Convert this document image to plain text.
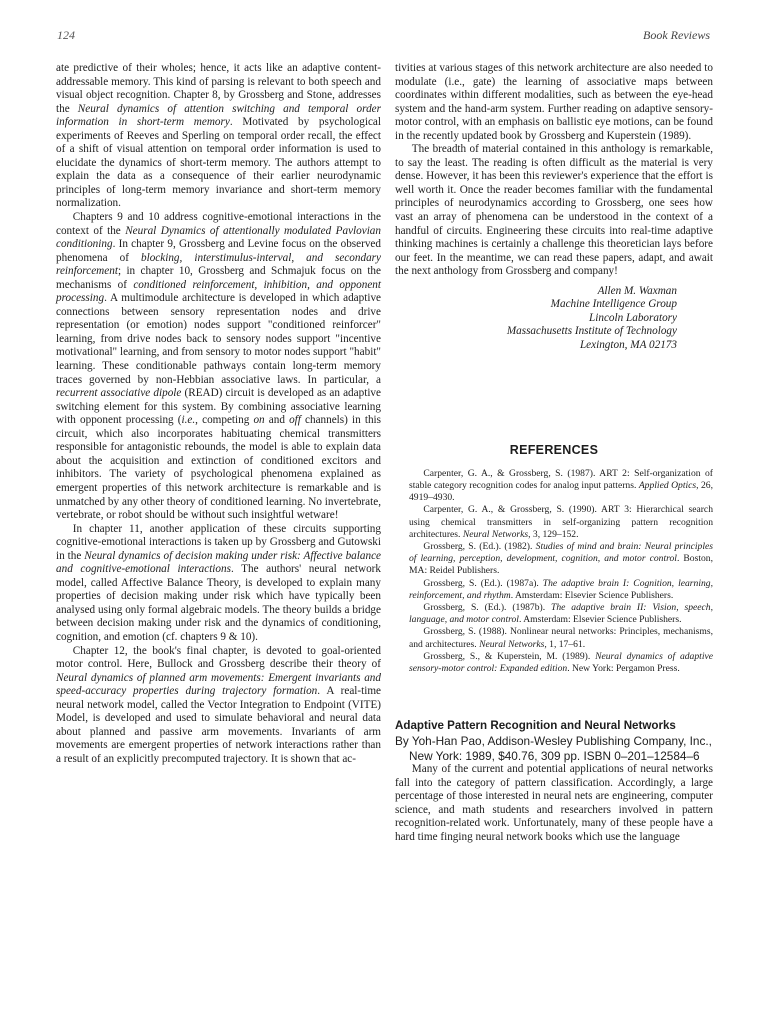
124	Book Reviews

ate predictive of their wholes; hence, it acts like an adaptive content-addressable memory. This kind of parsing is relevant to both speech and visual object recognition. Chapter 8, by Grossberg and Stone, addresses the Neural dynamics of attention switching and temporal order information in short-term memory. Motivated by psychological experiments of Reeves and Sperling on temporal order recall, the effect of a shift of visual attention on temporal order information is used to elucidate the dynamics of short-term memory. The authors attempt to explain the data as a consequence of their earlier neurodynamic principles of long-term memory invariance and short-term memory normalization.

Chapters 9 and 10 address cognitive-emotional interactions in the context of the Neural Dynamics of attentionally modulated Pavlovian conditioning. In chapter 9, Grossberg and Levine focus on the observed phenomena of blocking, interstimulus-interval, and secondary reinforcement; in chapter 10, Grossberg and Schmajuk focus on the mechanisms of conditioned reinforcement, inhibition, and opponent processing. A multimodule architecture is developed in which adaptive connections between sensory representation nodes and drive representation (or emotion) nodes support "conditioned reinforcer" learning, from drive nodes back to sensory nodes support "incentive motivational" learning, and from sensory to motor nodes support "habit" learning. These conditionable pathways contain long-term memory traces governed by non-Hebbian associative laws. In particular, a recurrent associative dipole (READ) circuit is developed as an adaptive switching element for this system. By combining associative learning with opponent processing (i.e., competing on and off channels) in this circuit, which also incorporates habituating chemical transmitters responsible for antagonistic rebounds, the model is able to explain data about the acquisition and extinction of conditioned excitors and inhibitors. The variety of psychological phenomena explained as emergent properties of this network architecture is remarkable and is unmatched by any other theory of conditioned learning. No invertebrate, vertebrate, or robot should be without such insightful wetware!

In chapter 11, another application of these circuits supporting cognitive-emotional interactions is taken up by Grossberg and Gutowski in the Neural dynamics of decision making under risk: Affective balance and cognitive-emotional interactions. The authors' neural network model, called Affective Balance Theory, is developed to explain many properties of decision making under risk which have typically been analysed using only formal algebraic models. The theory builds a bridge between decision making under risk and the dynamics of conditioning, cognition, and emotion (cf. chapters 9 & 10).

Chapter 12, the book's final chapter, is devoted to goal-oriented motor control. Here, Bullock and Grossberg describe their theory of Neural dynamics of planned arm movements: Emergent invariants and speed-accuracy properties during trajectory formation. A real-time neural network model, called the Vector Integration to Endpoint (VITE) Model, is developed and used to simulate behavioral and neural data about planned and passive arm movements. Invariants of arm movements are emergent properties of network interactions rather than a result of an explicitly precomputed trajectory. It is shown that ac-

tivities at various stages of this network architecture are also needed to modulate (i.e., gate) the learning of associative maps between coordinates within different modalities, such as between the eye-head system and the hand-arm system. Further reading on adaptive sensory-motor control, with an emphasis on ballistic eye motions, can be found in the recently updated book by Grossberg and Kuperstein (1989).

The breadth of material contained in this anthology is remarkable, to say the least. The reading is often difficult as the material is very dense. However, it has been this reviewer's experience that the effort is well worth it. Once the reader becomes familiar with the fundamental principles of neurodynamics according to Grossberg, one sees how vast an array of phenomena can be understood in the context of a handful of circuits. Engineering these circuits into real-time adaptive thinking machines is certainly a challenge this theoretician lays before our feet. In the meantime, we can read these papers, adapt, and await the next anthology from Grossberg and company!

Allen M. Waxman
Machine Intelligence Group
Lincoln Laboratory
Massachusetts Institute of Technology
Lexington, MA 02173
REFERENCES

Carpenter, G. A., & Grossberg, S. (1987). ART 2: Self-organization of stable category recognition codes for analog input patterns. Applied Optics, 26, 4919–4930.

Carpenter, G. A., & Grossberg, S. (1990). ART 3: Hierarchical search using chemical transmitters in self-organizing pattern recognition architectures. Neural Networks, 3, 129–152.

Grossberg, S. (Ed.). (1982). Studies of mind and brain: Neural principles of learning, perception, development, cognition, and motor control. Boston, MA: Reidel Publishers.

Grossberg, S. (Ed.). (1987a). The adaptive brain I: Cognition, learning, reinforcement, and rhythm. Amsterdam: Elsevier Science Publishers.

Grossberg, S. (Ed.). (1987b). The adaptive brain II: Vision, speech, language, and motor control. Amsterdam: Elsevier Science Publishers.

Grossberg, S. (1988). Nonlinear neural networks: Principles, mechanisms, and architectures. Neural Networks, 1, 17–61.

Grossberg, S., & Kuperstein, M. (1989). Neural dynamics of adaptive sensory-motor control: Expanded edition. New York: Pergamon Press.

Adaptive Pattern Recognition and Neural Networks
By Yoh-Han Pao, Addison-Wesley Publishing Company, Inc., New York: 1989, $40.76, 309 pp. ISBN 0–201–12584–6

Many of the current and potential applications of neural networks fall into the category of pattern classification. Accordingly, a large percentage of those interested in neural nets are engineering, computer science, and math students and researchers involved in pattern recognition-related work. Unfortunately, many of these people have a hard time finging neural network books which use the language
